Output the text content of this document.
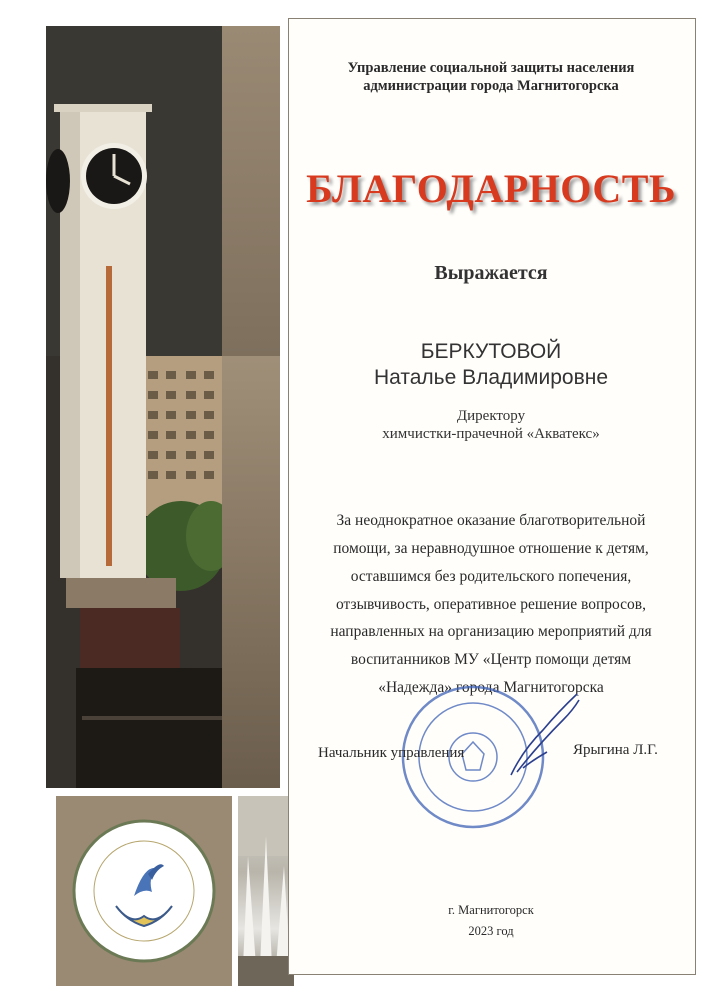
Управление социальной защиты населения
администрации города Магнитогорска
БЛАГОДАРНОСТЬ
Выражается
БЕРКУТОВОЙ
Наталье Владимировне
Директору
химчистки-прачечной «Акватекс»
За неоднократное оказание благотворительной
помощи, за неравнодушное отношение к детям,
оставшимся без родительского попечения,
отзывчивость, оперативное решение вопросов,
направленных на организацию мероприятий для
воспитанников МУ «Центр помощи детям
«Надежда» города Магнитогорска
Начальник управления	Ярыгина Л.Г.
г. Магнитогорск
2023 год
